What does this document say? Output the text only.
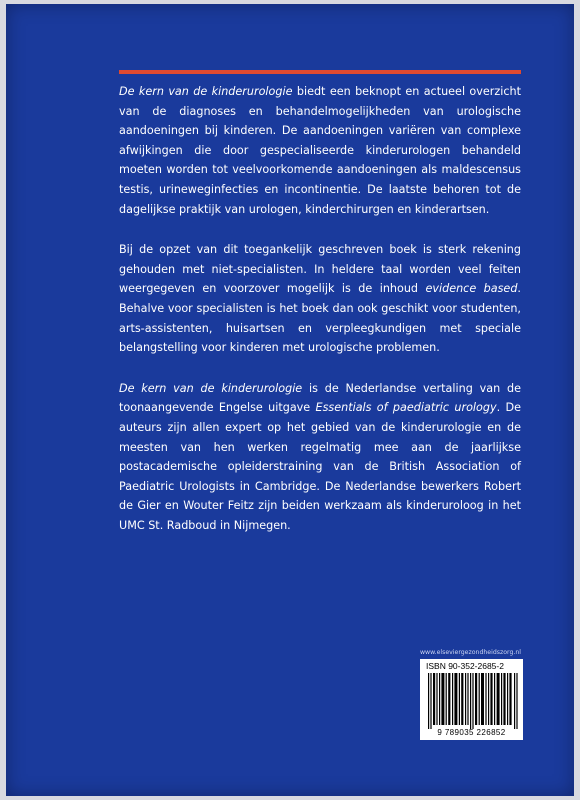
De kern van de kinderurologie biedt een beknopt en actueel overzicht van de diagnoses en behandelmogelijkheden van urologische aandoeningen bij kinderen. De aandoeningen variëren van complexe afwijkingen die door gespecialiseerde kinderurologen behandeld moeten worden tot veelvoorkomende aandoeningen als maldescensus testis, urineweginfecties en incontinentie. De laatste behoren tot de dagelijkse praktijk van urologen, kinderchirurgen en kinderartsen.

Bij de opzet van dit toegankelijk geschreven boek is sterk rekening gehouden met niet-specialisten. In heldere taal worden veel feiten weergegeven en voorzover mogelijk is de inhoud evidence based. Behalve voor specialisten is het boek dan ook geschikt voor studenten, arts-assistenten, huisartsen en verpleegkundigen met speciale belangstelling voor kinderen met urologische problemen.

De kern van de kinderurologie is de Nederlandse vertaling van de toonaangevende Engelse uitgave Essentials of paediatric urology. De auteurs zijn allen expert op het gebied van de kinderurologie en de meesten van hen werken regelmatig mee aan de jaarlijkse postacademische opleiderstraining van de British Association of Paediatric Urologists in Cambridge. De Nederlandse bewerkers Robert de Gier en Wouter Feitz zijn beiden werkzaam als kinderuroloog in het UMC St. Radboud in Nijmegen.

www.elseviergezondheidszorg.nl
ISBN 90-352-2685-2
9 789035 226852
